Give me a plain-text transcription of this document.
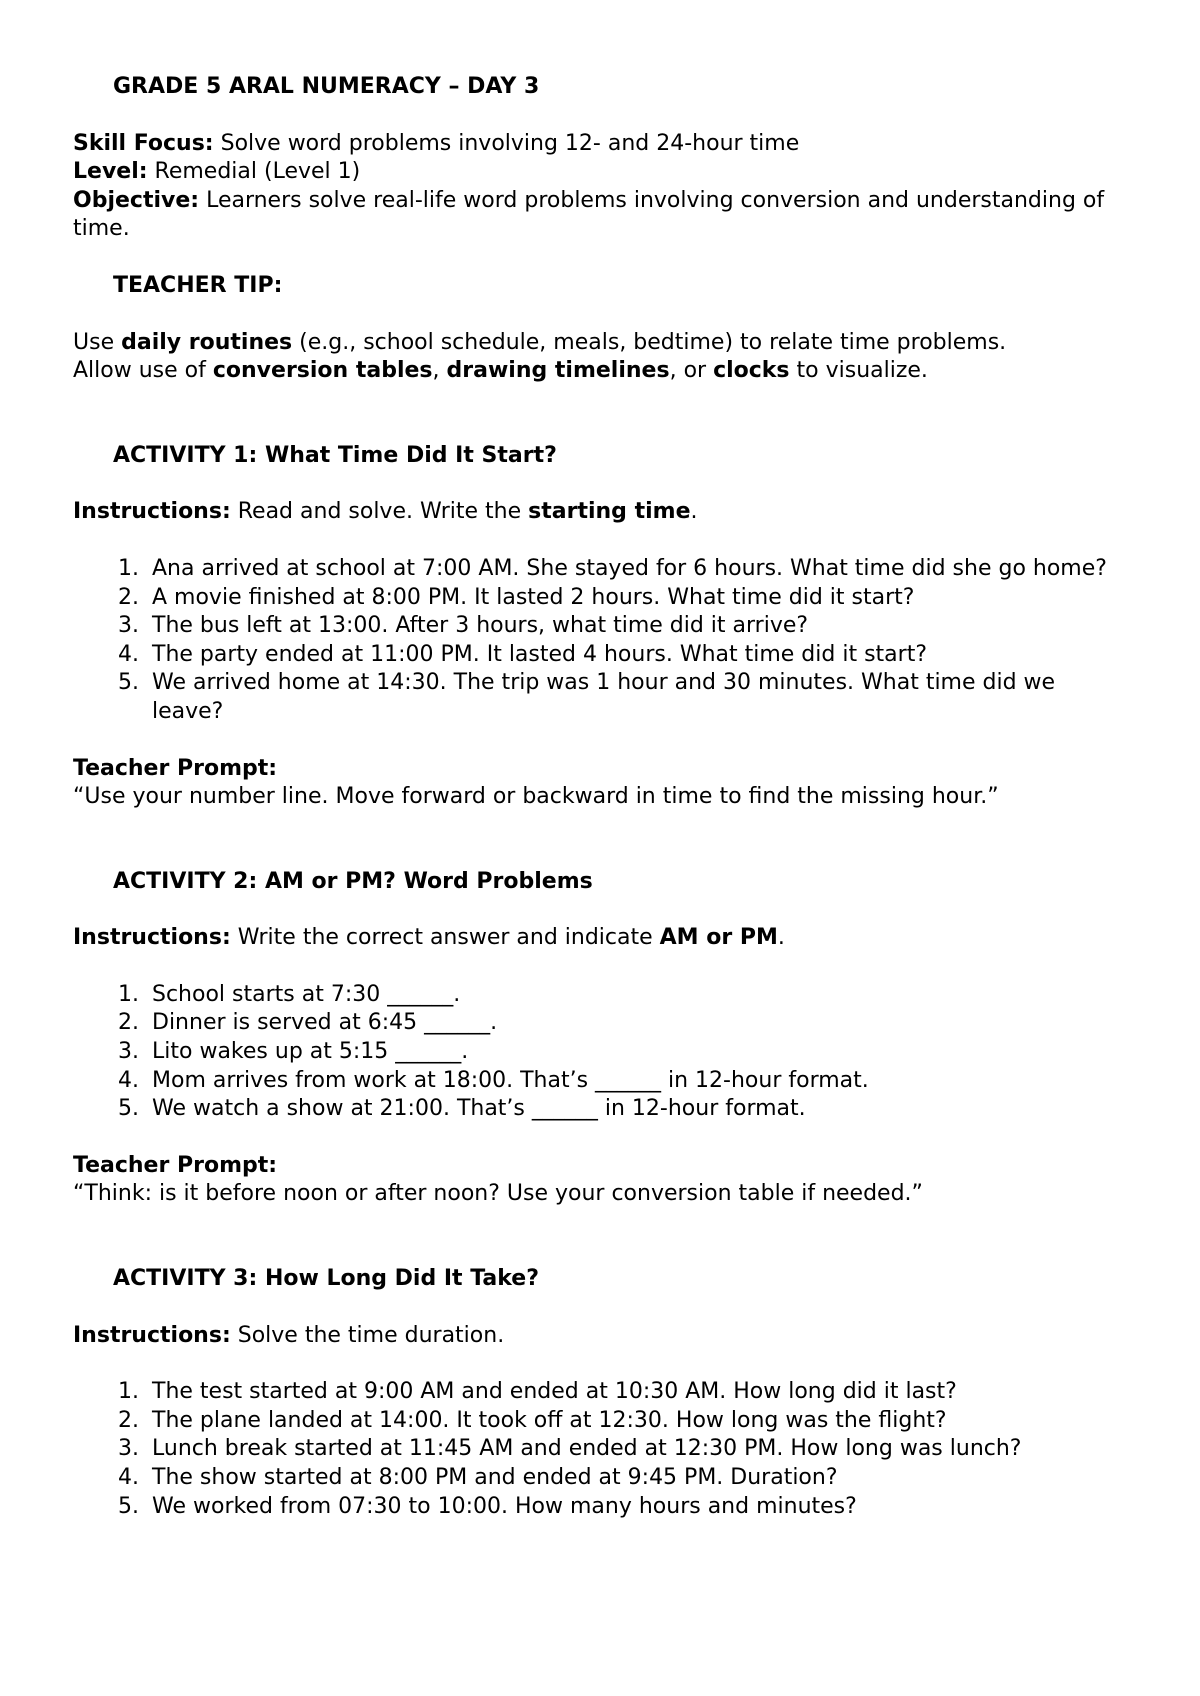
GRADE 5 ARAL NUMERACY – DAY 3

Skill Focus: Solve word problems involving 12- and 24-hour time

Level: Remedial (Level 1)

Objective: Learners solve real-life word problems involving conversion and understanding of time.

TEACHER TIP:

Use daily routines (e.g., school schedule, meals, bedtime) to relate time problems.

Allow use of conversion tables, drawing timelines, or clocks to visualize.

ACTIVITY 1: What Time Did It Start?

Instructions: Read and solve. Write the starting time.

1. Ana arrived at school at 7:00 AM. She stayed for 6 hours. What time did she go home?
2. A movie finished at 8:00 PM. It lasted 2 hours. What time did it start?
3. The bus left at 13:00. After 3 hours, what time did it arrive?
4. The party ended at 11:00 PM. It lasted 4 hours. What time did it start?
5. We arrived home at 14:30. The trip was 1 hour and 30 minutes. What time did we leave?

Teacher Prompt:

“Use your number line. Move forward or backward in time to find the missing hour.”

ACTIVITY 2: AM or PM? Word Problems

Instructions: Write the correct answer and indicate AM or PM.

1. School starts at 7:30 ______.
2. Dinner is served at 6:45 ______.
3. Lito wakes up at 5:15 ______.
4. Mom arrives from work at 18:00. That’s ______ in 12-hour format.
5. We watch a show at 21:00. That’s ______ in 12-hour format.

Teacher Prompt:

“Think: is it before noon or after noon? Use your conversion table if needed.”

ACTIVITY 3: How Long Did It Take?

Instructions: Solve the time duration.

1. The test started at 9:00 AM and ended at 10:30 AM. How long did it last?
2. The plane landed at 14:00. It took off at 12:30. How long was the flight?
3. Lunch break started at 11:45 AM and ended at 12:30 PM. How long was lunch?
4. The show started at 8:00 PM and ended at 9:45 PM. Duration?
5. We worked from 07:30 to 10:00. How many hours and minutes?
